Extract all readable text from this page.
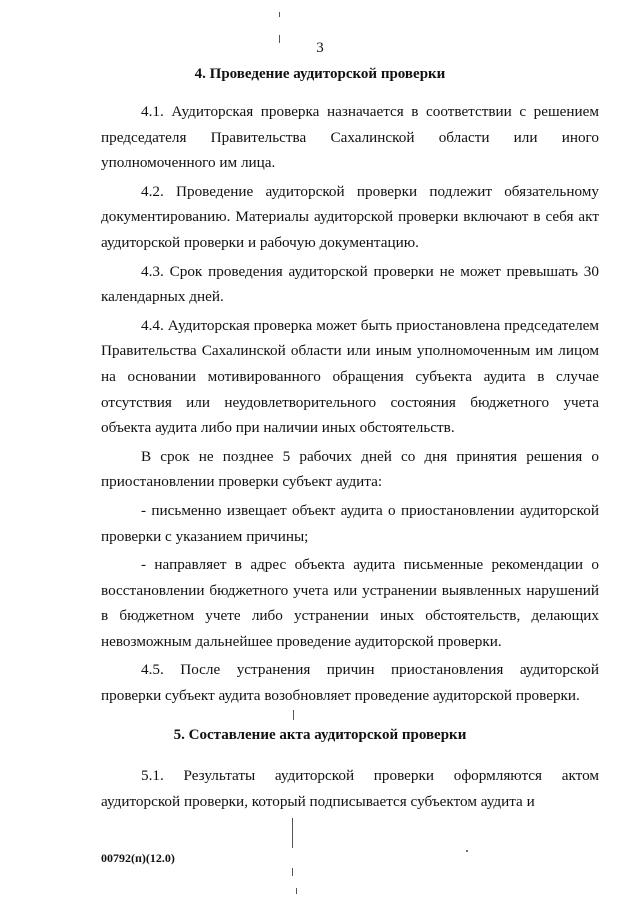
3
4. Проведение аудиторской проверки

4.1. Аудиторская проверка назначается в соответствии с решением председателя Правительства Сахалинской области или иного уполномоченного им лица.

4.2. Проведение аудиторской проверки подлежит обязательному документированию. Материалы аудиторской проверки включают в себя акт аудиторской проверки и рабочую документацию.

4.3. Срок проведения аудиторской проверки не может превышать 30 календарных дней.

4.4. Аудиторская проверка может быть приостановлена председателем Правительства Сахалинской области или иным уполномоченным им лицом на основании мотивированного обращения субъекта аудита в случае отсутствия или неудовлетворительного состояния бюджетного учета объекта аудита либо при наличии иных обстоятельств.

В срок не позднее 5 рабочих дней со дня принятия решения о приостановлении проверки субъект аудита:

- письменно извещает объект аудита о приостановлении аудиторской проверки с указанием причины;

- направляет в адрес объекта аудита письменные рекомендации о восстановлении бюджетного учета или устранении выявленных нарушений в бюджетном учете либо устранении иных обстоятельств, делающих невозможным дальнейшее проведение аудиторской проверки.

4.5. После устранения причин приостановления аудиторской проверки субъект аудита возобновляет проведение аудиторской проверки.

5. Составление акта аудиторской проверки

5.1. Результаты аудиторской проверки оформляются актом аудиторской проверки, который подписывается субъектом аудита и

00792(п)(12.0)
